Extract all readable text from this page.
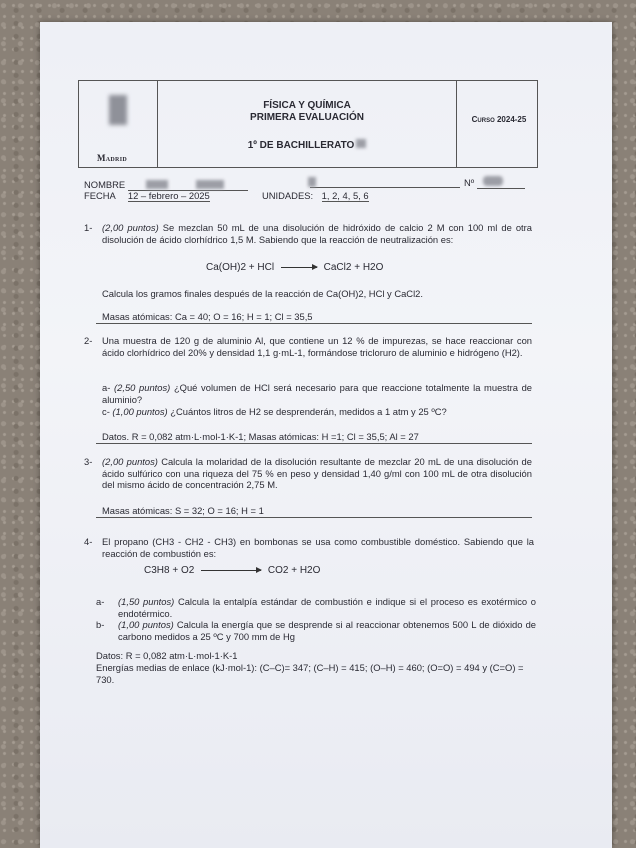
Madrid
FÍSICA Y QUÍMICA
PRIMERA EVALUACIÓN
1º DE BACHILLERATO
Curso 2024-25
NOMBRE
FECHA 12 – febrero – 2025	UNIDADES: 1, 2, 4, 5, 6
Nº
1- (2,00 puntos) Se mezclan 50 mL de una disolución de hidróxido de calcio 2 M con 100 ml de otra disolución de ácido clorhídrico 1,5 M. Sabiendo que la reacción de neutralización es:
Ca(OH)2 + HCl → CaCl2 + H2O
Calcula los gramos finales después de la reacción de Ca(OH)2, HCl y CaCl2.
Masas atómicas: Ca = 40; O = 16; H = 1; Cl = 35,5
2- Una muestra de 120 g de aluminio Al, que contiene un 12 % de impurezas, se hace reaccionar con ácido clorhídrico del 20% y densidad 1,1 g·mL-1, formándose tricloruro de aluminio e hidrógeno (H2).
a- (2,50 puntos) ¿Qué volumen de HCl será necesario para que reaccione totalmente la muestra de aluminio?
c- (1,00 puntos) ¿Cuántos litros de H2 se desprenderán, medidos a 1 atm y 25 ºC?
Datos. R = 0,082 atm·L·mol-1·K-1; Masas atómicas: H =1; Cl = 35,5; Al = 27
3- (2,00 puntos) Calcula la molaridad de la disolución resultante de mezclar 20 mL de una disolución de ácido sulfúrico con una riqueza del 75 % en peso y densidad 1,40 g/ml con 100 mL de otra disolución del mismo ácido de concentración 2,75 M.
Masas atómicas: S = 32; O = 16; H = 1
4- El propano (CH3 - CH2 - CH3) en bombonas se usa como combustible doméstico. Sabiendo que la reacción de combustión es:
C3H8 + O2	CO2 + H2O
a- (1,50 puntos) Calcula la entalpía estándar de combustión e indique si el proceso es exotérmico o endotérmico.
b- (1,00 puntos) Calcula la energía que se desprende si al reaccionar obtenemos 500 L de dióxido de carbono medidos a 25 ºC y 700 mm de Hg
Datos: R = 0,082 atm·L·mol-1·K-1
Energías medias de enlace (kJ·mol-1): (C–C)= 347; (C–H) = 415; (O–H) = 460; (O=O) = 494 y (C=O) = 730.
